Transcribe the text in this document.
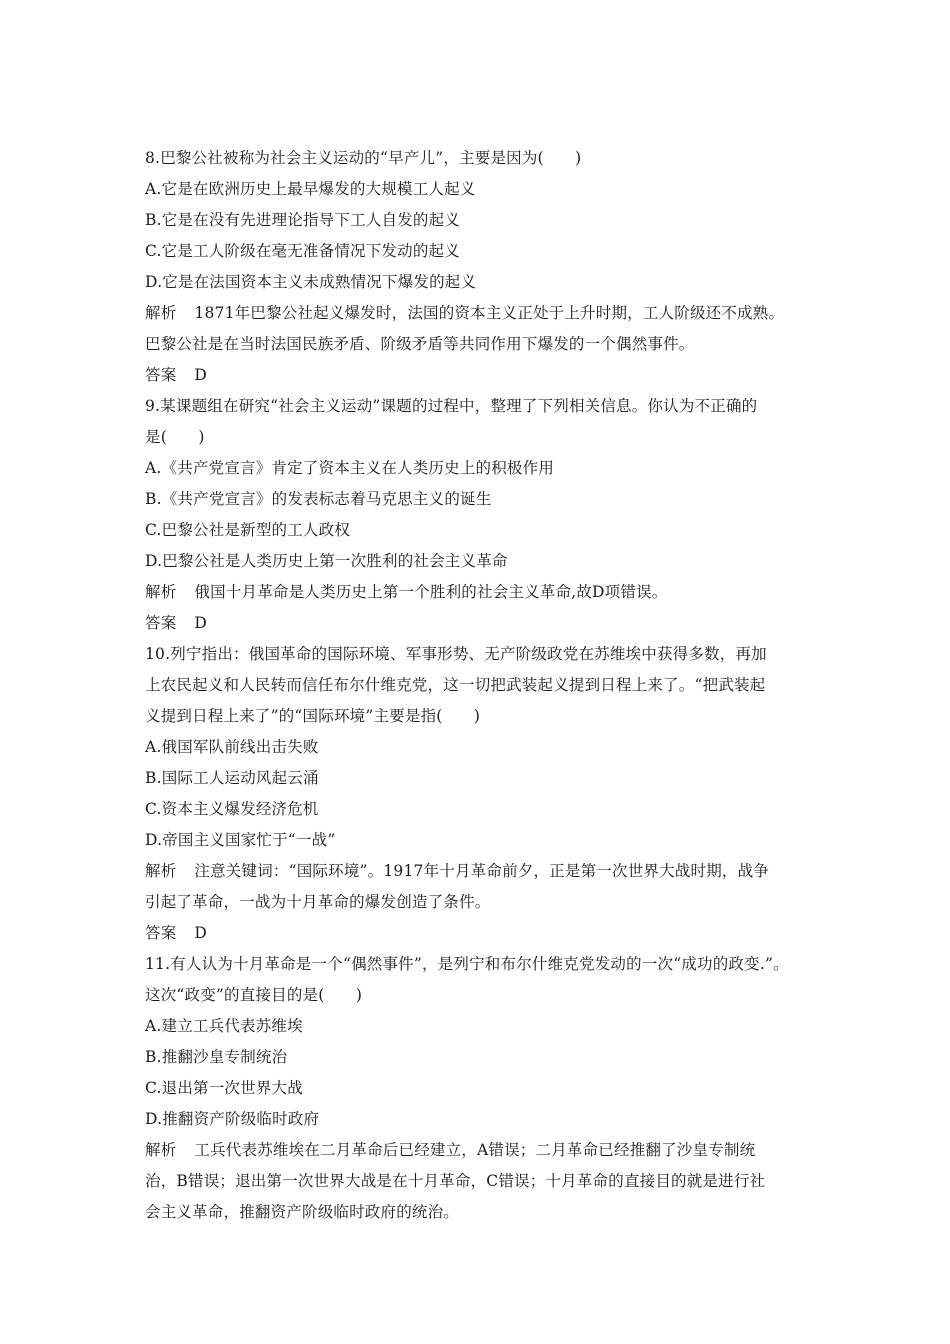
8.巴黎公社被称为社会主义运动的“早产儿”，主要是因为(　　)
A.它是在欧洲历史上最早爆发的大规模工人起义
B.它是在没有先进理论指导下工人自发的起义
C.它是工人阶级在毫无准备情况下发动的起义
D.它是在法国资本主义未成熟情况下爆发的起义
解析 1871年巴黎公社起义爆发时，法国的资本主义正处于上升时期，工人阶级还不成熟。
巴黎公社是在当时法国民族矛盾、阶级矛盾等共同作用下爆发的一个偶然事件。
答案 D
9.某课题组在研究“社会主义运动”课题的过程中，整理了下列相关信息。你认为不正确的
是(　　)
A.《共产党宣言》肯定了资本主义在人类历史上的积极作用
B.《共产党宣言》的发表标志着马克思主义的诞生
C.巴黎公社是新型的工人政权
D.巴黎公社是人类历史上第一次胜利的社会主义革命
解析 俄国十月革命是人类历史上第一个胜利的社会主义革命,故D项错误。
答案 D
10.列宁指出：俄国革命的国际环境、军事形势、无产阶级政党在苏维埃中获得多数，再加
上农民起义和人民转而信任布尔什维克党，这一切把武装起义提到日程上来了。“把武装起
义提到日程上来了”的“国际环境”主要是指(　　)
A.俄国军队前线出击失败
B.国际工人运动风起云涌
C.资本主义爆发经济危机
D.帝国主义国家忙于“一战”
解析 注意关键词：“国际环境”。1917年十月革命前夕，正是第一次世界大战时期，战争
引起了革命，一战为十月革命的爆发创造了条件。
答案 D
11.有人认为十月革命是一个“偶然事件”，是列宁和布尔什维克党发动的一次“成功的政变.”。
这次“政变”的直接目的是(　　)
A.建立工兵代表苏维埃
B.推翻沙皇专制统治
C.退出第一次世界大战
D.推翻资产阶级临时政府
解析 工兵代表苏维埃在二月革命后已经建立，A错误；二月革命已经推翻了沙皇专制统
治，B错误；退出第一次世界大战是在十月革命，C错误；十月革命的直接目的就是进行社
会主义革命，推翻资产阶级临时政府的统治。
